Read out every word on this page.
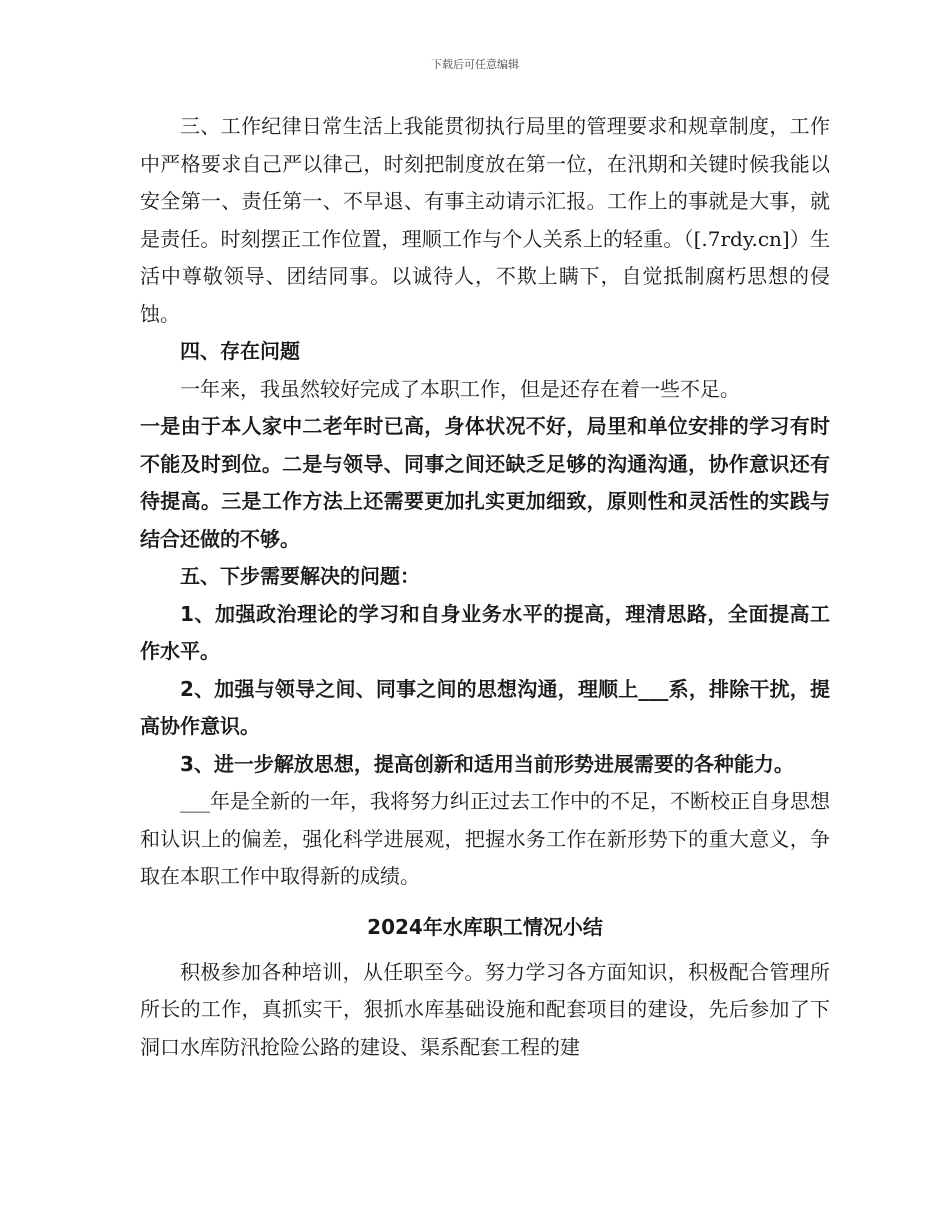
下载后可任意编辑

三、工作纪律日常生活上我能贯彻执行局里的管理要求和规章制度，工作中严格要求自己严以律己，时刻把制度放在第一位，在汛期和关键时候我能以安全第一、责任第一、不早退、有事主动请示汇报。工作上的事就是大事，就是责任。时刻摆正工作位置，理顺工作与个人关系上的轻重。（[.7rdy.cn]）生活中尊敬领导、团结同事。以诚待人，不欺上瞒下，自觉抵制腐朽思想的侵蚀。

四、存在问题

一年来，我虽然较好完成了本职工作，但是还存在着一些不足。

一是由于本人家中二老年时已高，身体状况不好，局里和单位安排的学习有时不能及时到位。二是与领导、同事之间还缺乏足够的沟通沟通，协作意识还有待提高。三是工作方法上还需要更加扎实更加细致，原则性和灵活性的实践与结合还做的不够。

五、下步需要解决的问题：

1、加强政治理论的学习和自身业务水平的提高，理清思路，全面提高工作水平。

2、加强与领导之间、同事之间的思想沟通，理顺上___系，排除干扰，提高协作意识。

3、进一步解放思想，提高创新和适用当前形势进展需要的各种能力。

___年是全新的一年，我将努力纠正过去工作中的不足，不断校正自身思想和认识上的偏差，强化科学进展观，把握水务工作在新形势下的重大意义，争取在本职工作中取得新的成绩。

2024年水库职工情况小结

积极参加各种培训，从任职至今。努力学习各方面知识，积极配合管理所所长的工作，真抓实干，狠抓水库基础设施和配套项目的建设，先后参加了下洞口水库防汛抢险公路的建设、渠系配套工程的建
